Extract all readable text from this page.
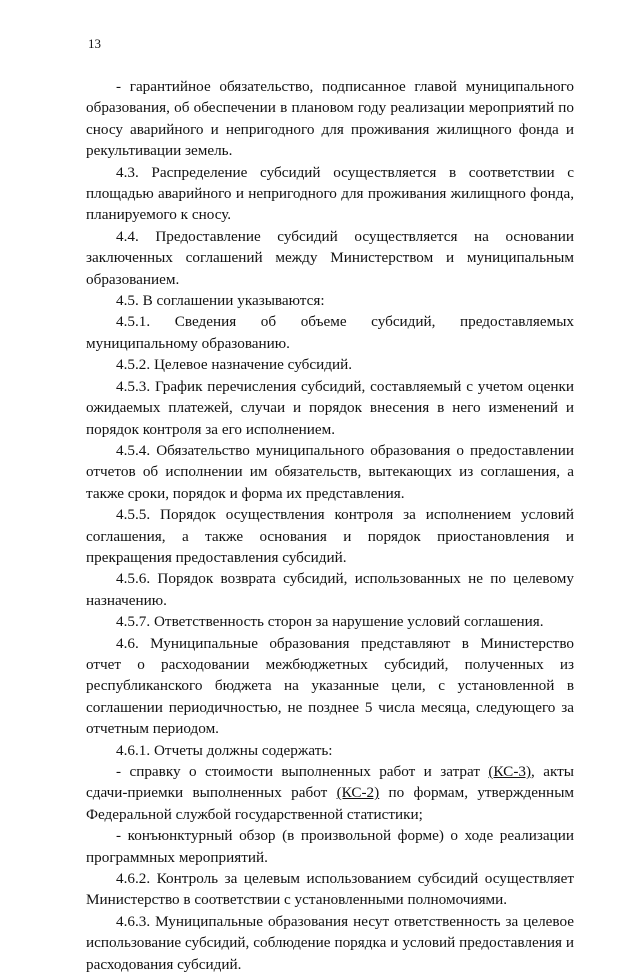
13

- гарантийное обязательство, подписанное главой муниципального образования, об обеспечении в плановом году реализации мероприятий по сносу аварийного и непригодного для проживания жилищного фонда и рекультивации земель.

4.3. Распределение субсидий осуществляется в соответствии с площадью аварийного и непригодного для проживания жилищного фонда, планируемого к сносу.

4.4. Предоставление субсидий осуществляется на основании заключенных соглашений между Министерством и муниципальным образованием.

4.5. В соглашении указываются:

4.5.1. Сведения об объеме субсидий, предоставляемых муниципальному образованию.

4.5.2. Целевое назначение субсидий.

4.5.3. График перечисления субсидий, составляемый с учетом оценки ожидаемых платежей, случаи и порядок внесения в него изменений и порядок контроля за его исполнением.

4.5.4. Обязательство муниципального образования о предоставлении отчетов об исполнении им обязательств, вытекающих из соглашения, а также сроки, порядок и форма их представления.

4.5.5. Порядок осуществления контроля за исполнением условий соглашения, а также основания и порядок приостановления и прекращения предоставления субсидий.

4.5.6. Порядок возврата субсидий, использованных не по целевому назначению.

4.5.7. Ответственность сторон за нарушение условий соглашения.

4.6. Муниципальные образования представляют в Министерство отчет о расходовании межбюджетных субсидий, полученных из республиканского бюджета на указанные цели, с установленной в соглашении периодичностью, не позднее 5 числа месяца, следующего за отчетным периодом.

4.6.1. Отчеты должны содержать:

- справку о стоимости выполненных работ и затрат (КС-3), акты сдачи-приемки выполненных работ (КС-2) по формам, утвержденным Федеральной службой государственной статистики;

- конъюнктурный обзор (в произвольной форме) о ходе реализации программных мероприятий.

4.6.2. Контроль за целевым использованием субсидий осуществляет Министерство в соответствии с установленными полномочиями.

4.6.3. Муниципальные образования несут ответственность за целевое использование субсидий, соблюдение порядка и условий предоставления и расходования субсидий.
